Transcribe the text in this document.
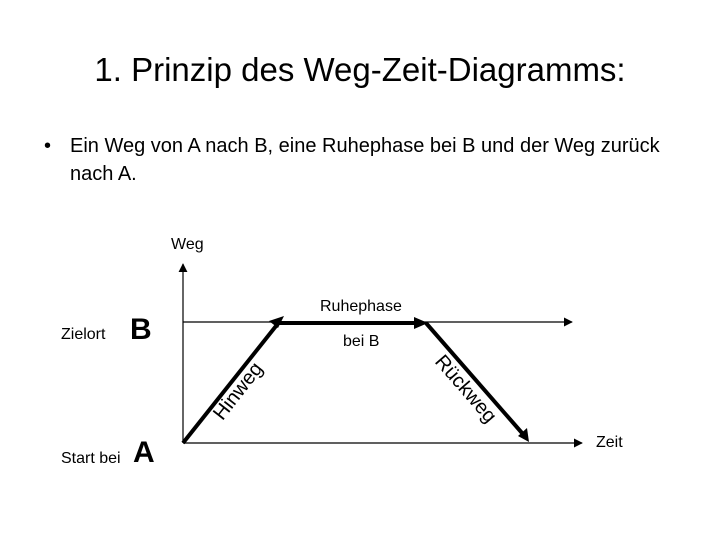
1. Prinzip des Weg-Zeit-Diagramms:
• Ein Weg von A nach B, eine Ruhephase bei B und der Weg zurück nach A.
Hinweg	Rückweg
Weg
Zeit
Ruhephase
bei B
Zielort B
Start bei A
